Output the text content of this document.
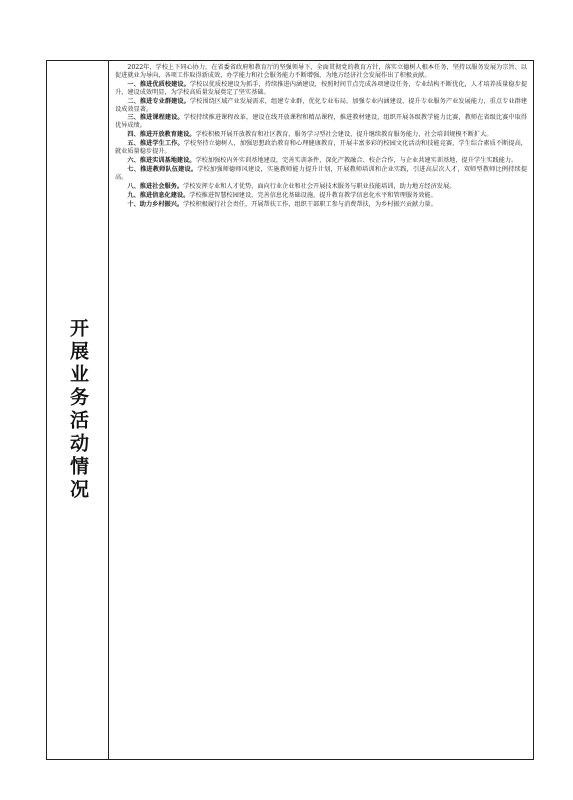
开展业务活动情况

2022年，学校上下同心协力，在省委省政府和教育厅的坚强领导下，全面贯彻党的教育方针，落实立德树人根本任务，坚持以服务发展为宗旨、以促进就业为导向，各项工作取得新成效，办学能力和社会服务能力不断增强，为地方经济社会发展作出了积极贡献。

一、推进优质校建设。学校以优质校建设为抓手，持续推进内涵建设，按照时间节点完成各项建设任务，专业结构不断优化，人才培养质量稳步提升，建设成效明显，为学校高质量发展奠定了坚实基础。

二、推进专业群建设。学校围绕区域产业发展需求，组建专业群，优化专业布局，加强专业内涵建设，提升专业服务产业发展能力，重点专业群建设成效显著。

三、推进课程建设。学校持续推进课程改革，建设在线开放课程和精品课程，推进教材建设，组织开展各级教学能力比赛，教师在省级比赛中取得优异成绩。

四、推进开放教育建设。学校积极开展开放教育和社区教育，服务学习型社会建设，提升继续教育服务能力，社会培训规模不断扩大。

五、推进学生工作。学校坚持立德树人，加强思想政治教育和心理健康教育，开展丰富多彩的校园文化活动和技能竞赛，学生综合素质不断提高，就业质量稳步提升。

六、推进实训基地建设。学校加强校内外实训基地建设，完善实训条件，深化产教融合、校企合作，与企业共建实训基地，提升学生实践能力。

七、推进教师队伍建设。学校加强师德师风建设，实施教师能力提升计划，开展教师培训和企业实践，引进高层次人才，双师型教师比例持续提高。

八、推进社会服务。学校发挥专业和人才优势，面向行业企业和社会开展技术服务与职业技能培训，助力地方经济发展。

九、推进信息化建设。学校推进智慧校园建设，完善信息化基础设施，提升教育教学信息化水平和管理服务效能。

十、助力乡村振兴。学校积极履行社会责任，开展帮扶工作，组织干部职工参与消费帮扶，为乡村振兴贡献力量。
